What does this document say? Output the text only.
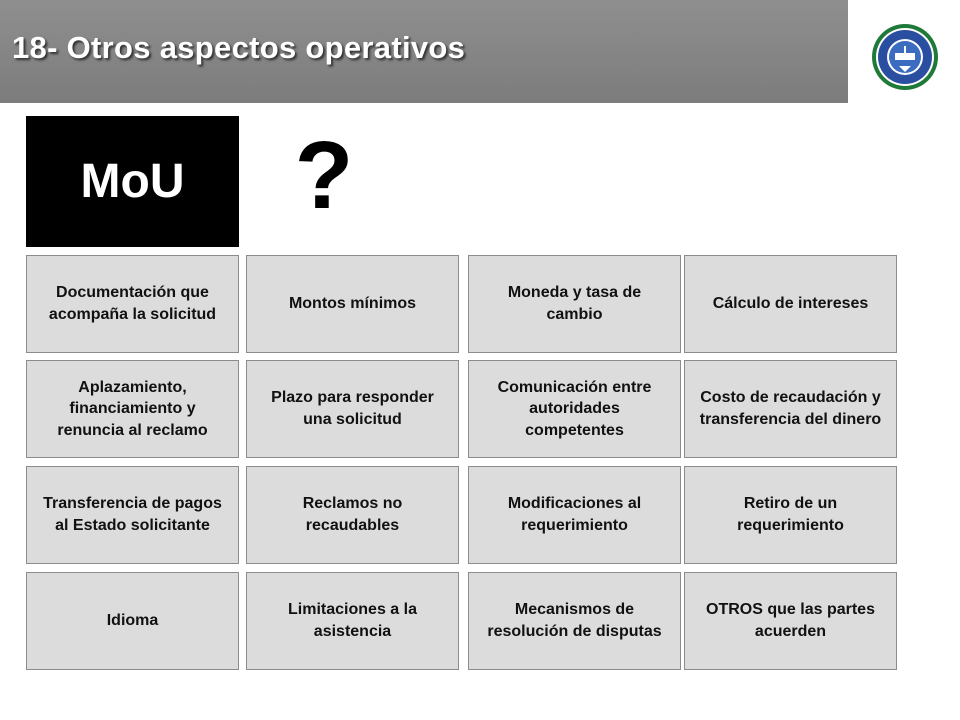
18- Otros aspectos operativos
MoU	?
Documentación que acompaña la solicitud
Montos mínimos
Moneda y tasa de cambio
Cálculo de intereses
Aplazamiento, financiamiento y renuncia al reclamo
Plazo para responder una solicitud
Comunicación entre autoridades competentes
Costo de recaudación y transferencia del dinero
Transferencia de pagos al Estado solicitante
Reclamos no recaudables
Modificaciones al requerimiento
Retiro de un requerimiento
Idioma
Limitaciones a la asistencia
Mecanismos de resolución de disputas
OTROS que las partes acuerden
